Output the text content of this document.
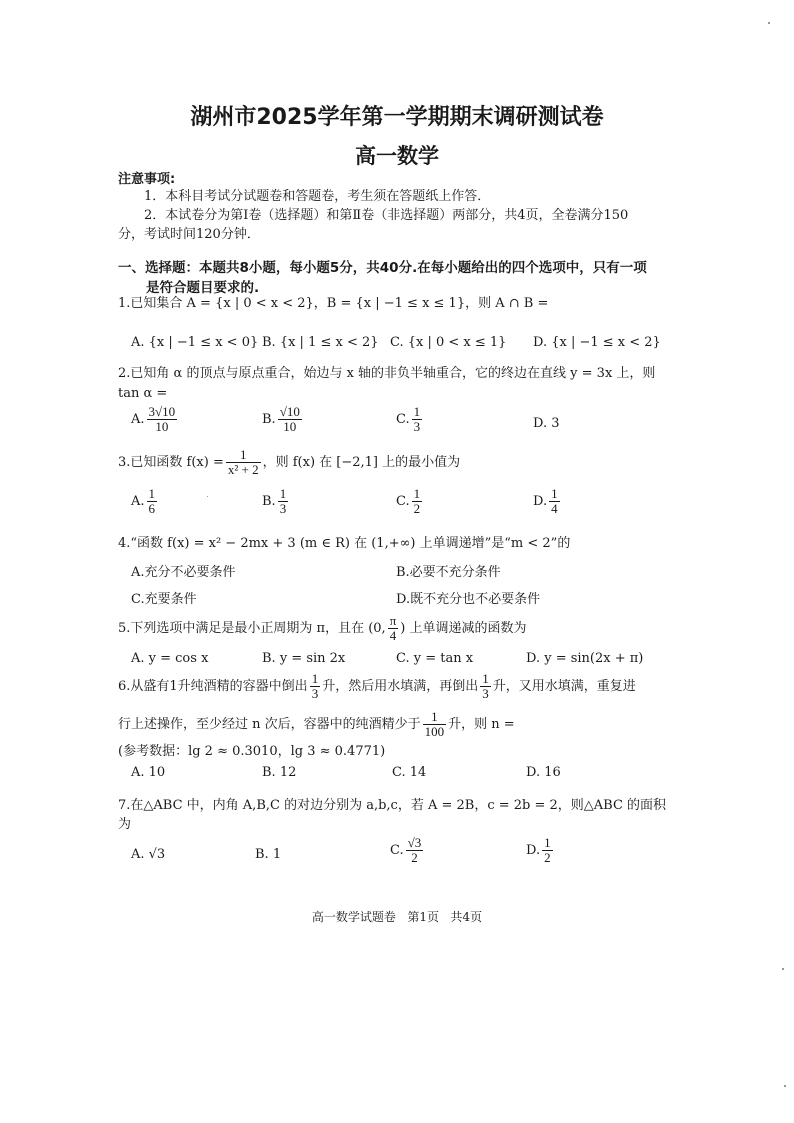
湖州市2025学年第一学期期末调研测试卷
高一数学
注意事项:
1．本科目考试分试题卷和答题卷，考生须在答题纸上作答．
2．本试卷分为第Ⅰ卷（选择题）和第Ⅱ卷（非选择题）两部分，共4页，全卷满分150
分，考试时间120分钟．
一、选择题：本题共8小题，每小题5分，共40分.在每小题给出的四个选项中，只有一项
是符合题目要求的.
1.已知集合 A = {x | 0 < x < 2}，B = {x | −1 ≤ x ≤ 1}，则 A ∩ B =
A. {x | −1 ≤ x < 0} B. {x | 1 ≤ x < 2} C. {x | 0 < x ≤ 1} D. {x | −1 ≤ x < 2}
2.已知角 α 的顶点与原点重合，始边与 x 轴的非负半轴重合，它的终边在直线 y = 3x 上，则
tan α =
A. $\frac{3√10}{10}$	B. $\frac{√10}{10}$	C. $\frac{1}{3}$	D. 3
3.已知函数 $f(x) = \frac{1}{\text{x² + 2}}$ ，则 f(x) 在 [−2,1] 上的最小值为
A. $\frac{1}{6}$	B. $\frac{1}{3}$	C. $\frac{1}{2}$	D. $\frac{1}{4}$
4.“函数 f(x) = x² − 2mx + 3 (m ∈ R) 在 (1,+∞) 上单调递增”是“m < 2”的
A.充分不必要条件	B.必要不充分条件
C.充要条件	D.既不充分也不必要条件
5.下列选项中满足是最小正周期为 π，且在 (0, $\frac{\pi}{4}$ ) 上单调递减的函数为
A. y = cos x	B. y = sin 2x	C. y = tan x	D. y = sin(2x + π)
6.从盛有1升纯酒精的容器中倒出 $\frac{1}{3}$ 升，然后用水填满，再倒出 $\frac{1}{3}$ 升，又用水填满，重复进
行上述操作，至少经过 n 次后，容器中的纯酒精少于 $\frac{1}{100}$ 升，则 n =
(参考数据：lg 2 ≈ 0.3010，lg 3 ≈ 0.4771)
A. 10	B. 12	C. 14	D. 16
7.在△ABC 中，内角 A,B,C 的对边分别为 a,b,c，若 A = 2B，c = 2b = 2，则△ABC 的面积
为
A. √3	B. 1	C. $\frac{√3}{2}$	D. $\frac{1}{2}$
高一数学试题卷   第1页   共4页
